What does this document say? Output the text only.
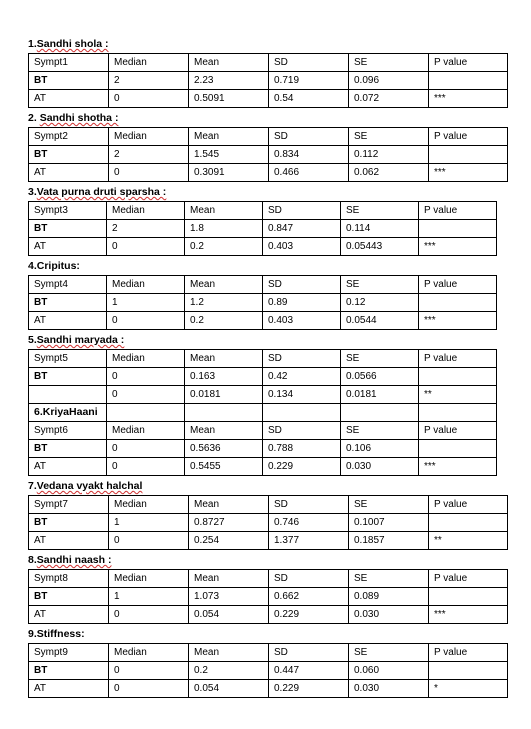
1.Sandhi shola :
Sympt1	Median	Mean	SD	SE	P value
BT	2	2.23	0.719	0.096	
AT	0	0.5091	0.54	0.072	***
2. Sandhi shotha :
Sympt2	Median	Mean	SD	SE	P value
BT	2	1.545	0.834	0.112	
AT	0	0.3091	0.466	0.062	***
3.Vata purna druti sparsha :
Sympt3	Median	Mean	SD	SE	P value
BT	2	1.8	0.847	0.114	
AT	0	0.2	0.403	0.05443	***
4.Cripitus:
Sympt4	Median	Mean	SD	SE	P value
BT	1	1.2	0.89	0.12	
AT	0	0.2	0.403	0.0544	***
5.Sandhi maryada :
Sympt5	Median	Mean	SD	SE	P value
BT	0	0.163	0.42	0.0566	
	0	0.0181	0.134	0.0181	**
6.KriyaHaani					
Sympt6	Median	Mean	SD	SE	P value
BT	0	0.5636	0.788	0.106	
AT	0	0.5455	0.229	0.030	***
7.Vedana vyakt halchal
Sympt7	Median	Mean	SD	SE	P value
BT	1	0.8727	0.746	0.1007	
AT	0	0.254	1.377	0.1857	**
8.Sandhi naash :
Sympt8	Median	Mean	SD	SE	P value
BT	1	1.073	0.662	0.089	
AT	0	0.054	0.229	0.030	***
9.Stiffness:
Sympt9	Median	Mean	SD	SE	P value
BT	0	0.2	0.447	0.060	
AT	0	0.054	0.229	0.030	*
